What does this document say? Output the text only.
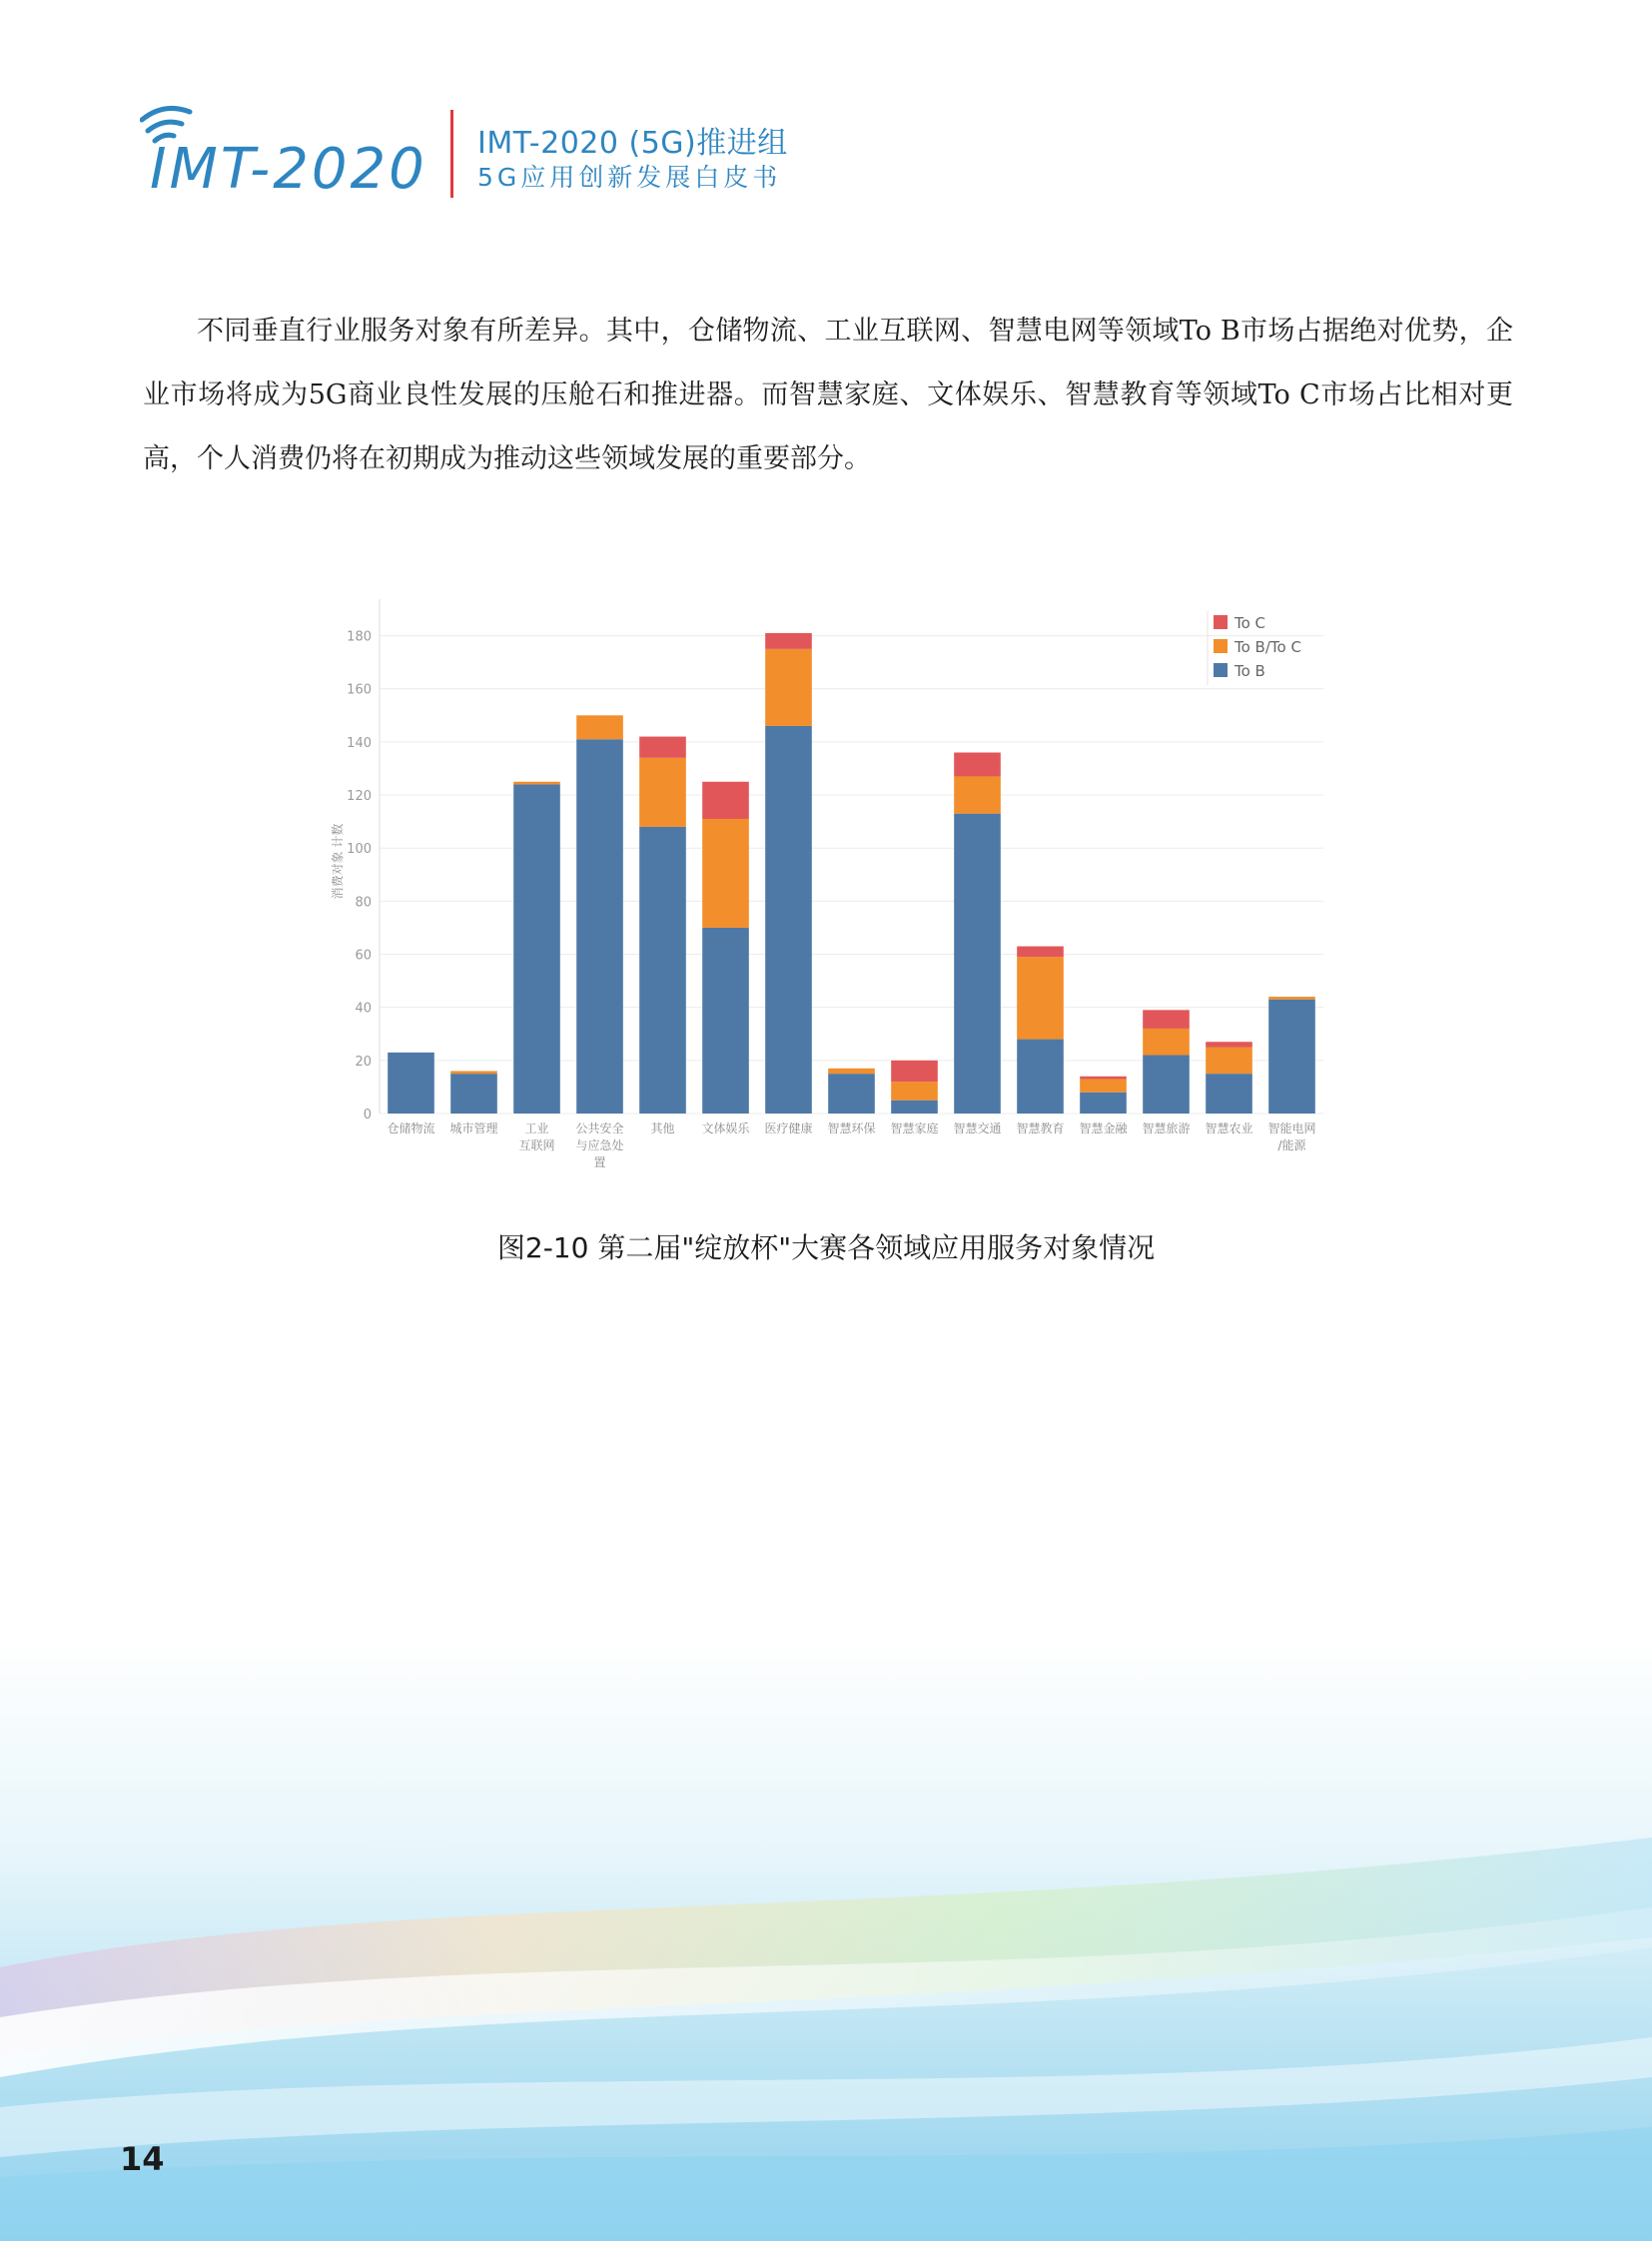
IMT-2020 IMT-2020 (5G)推进组
5G应用创新发展白皮书

不同垂直行业服务对象有所差异。其中，仓储物流、工业互联网、智慧电网等领域To B市场占据绝对优势，企业市场将成为5G商业良性发展的压舱石和推进器。而智慧家庭、文体娱乐、智慧教育等领域To C市场占比相对更高，个人消费仍将在初期成为推动这些领域发展的重要部分。

0
20
40
60
80
100
120
140
160
180
消费对象 计数
仓储物流 城市管理	工业互联网
公共安全与应急处置
其他 文体娱乐 医疗健康 智慧环保 智慧家庭 智慧交通 智慧教育 智慧金融 智慧旅游 智慧农业 智能电网/能源
To C
To B/To C
To B

图2-10 第二届"绽放杯"大赛各领域应用服务对象情况

14
